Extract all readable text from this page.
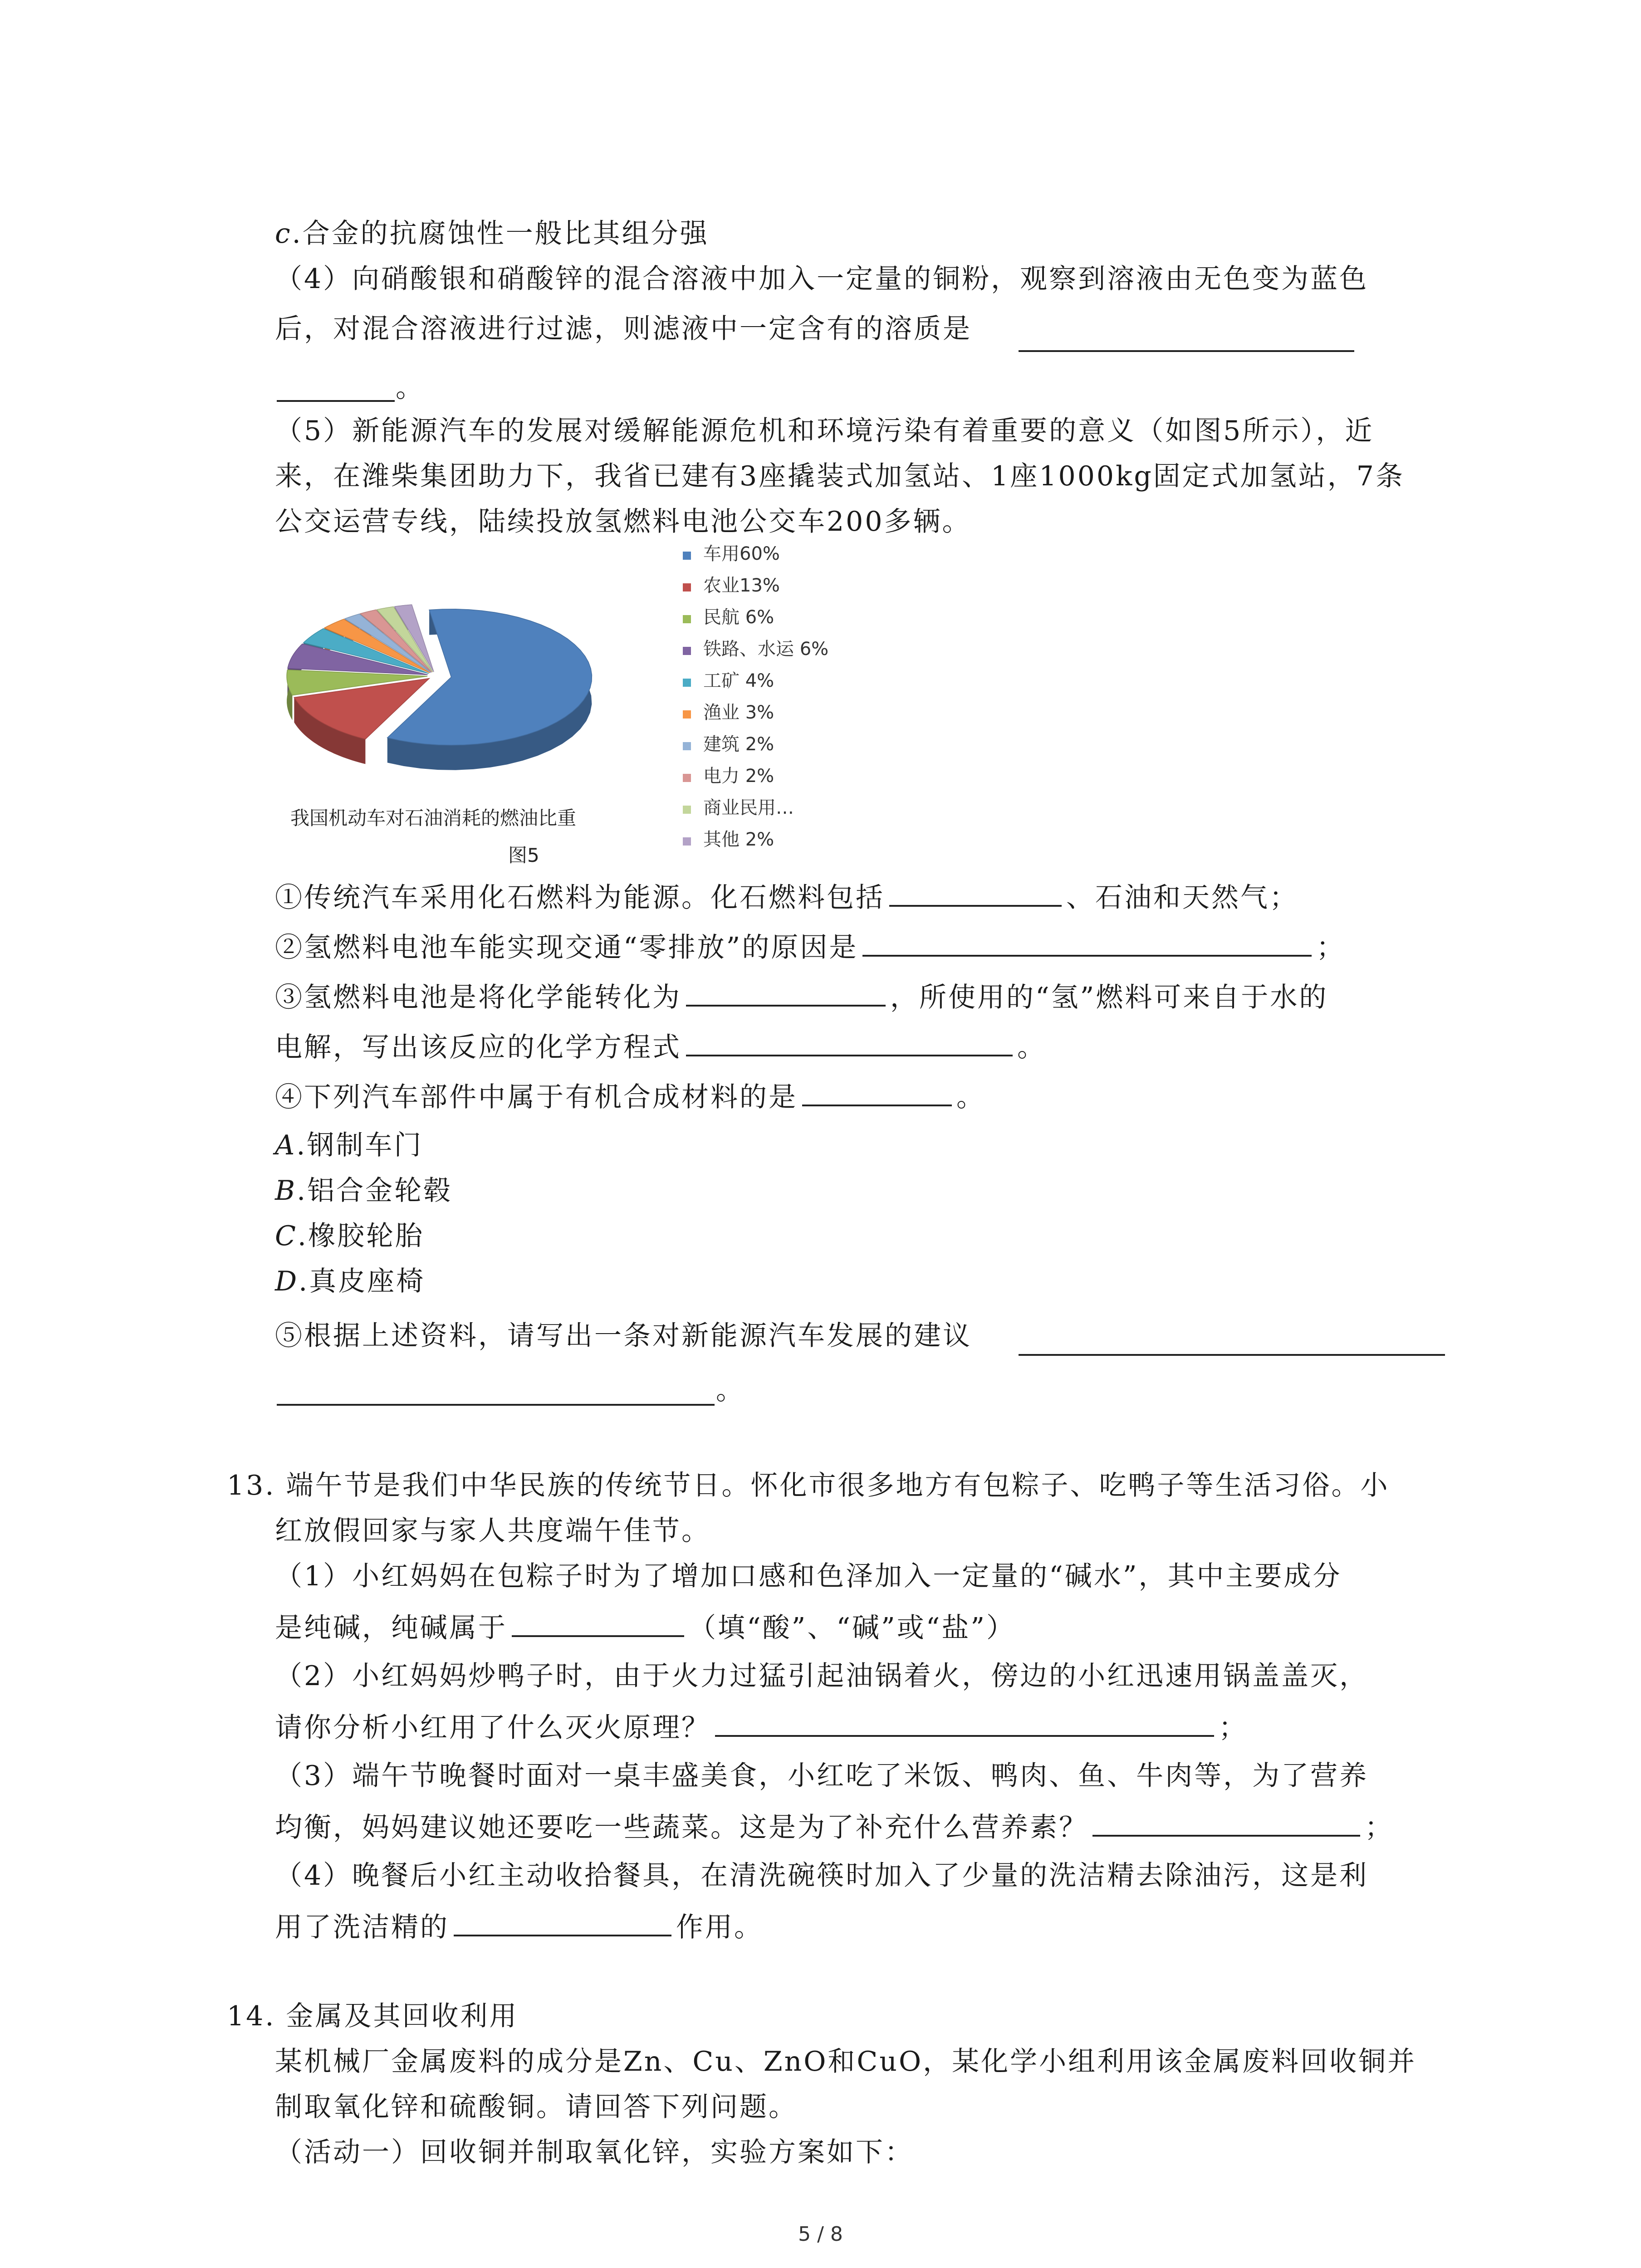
c.合金的抗腐蚀性一般比其组分强
（4）向硝酸银和硝酸锌的混合溶液中加入一定量的铜粉，观察到溶液由无色变为蓝色
后，对混合溶液进行过滤，则滤液中一定含有的溶质是
。
（5）新能源汽车的发展对缓解能源危机和环境污染有着重要的意义（如图5所示），近
来，在潍柴集团助力下，我省已建有3座撬装式加氢站、1座1000kg固定式加氢站，7条
公交运营专线，陆续投放氢燃料电池公交车200多辆。
车用60%
农业13%
民航 6%
铁路、水运 6%
工矿 4%
渔业 3%
建筑 2%
电力 2%
商业民用…
其他 2%
我国机动车对石油消耗的燃油比重
图5
①传统汽车采用化石燃料为能源。化石燃料包括	、石油和天然气；
②氢燃料电池车能实现交通“零排放”的原因是	；
③氢燃料电池是将化学能转化为	，所使用的“氢”燃料可来自于水的
电解，写出该反应的化学方程式	。
④下列汽车部件中属于有机合成材料的是	。
A.钢制车门
B.铝合金轮毂
C.橡胶轮胎
D.真皮座椅
⑤根据上述资料，请写出一条对新能源汽车发展的建议
。
13. 端午节是我们中华民族的传统节日。怀化市很多地方有包粽子、吃鸭子等生活习俗。小
红放假回家与家人共度端午佳节。
（1）小红妈妈在包粽子时为了增加口感和色泽加入一定量的“碱水”，其中主要成分
是纯碱，纯碱属于	（填“酸”、“碱”或“盐”）
（2）小红妈妈炒鸭子时，由于火力过猛引起油锅着火，傍边的小红迅速用锅盖盖灭，
请你分析小红用了什么灭火原理？	；
（3）端午节晚餐时面对一桌丰盛美食，小红吃了米饭、鸭肉、鱼、牛肉等，为了营养
均衡，妈妈建议她还要吃一些蔬菜。这是为了补充什么营养素？	；
（4）晚餐后小红主动收拾餐具，在清洗碗筷时加入了少量的洗洁精去除油污，这是利
用了洗洁精的	作用。
14. 金属及其回收利用
某机械厂金属废料的成分是Zn、Cu、ZnO和CuO，某化学小组利用该金属废料回收铜并
制取氧化锌和硫酸铜。请回答下列问题。
（活动一）回收铜并制取氧化锌，实验方案如下：
5 / 8
